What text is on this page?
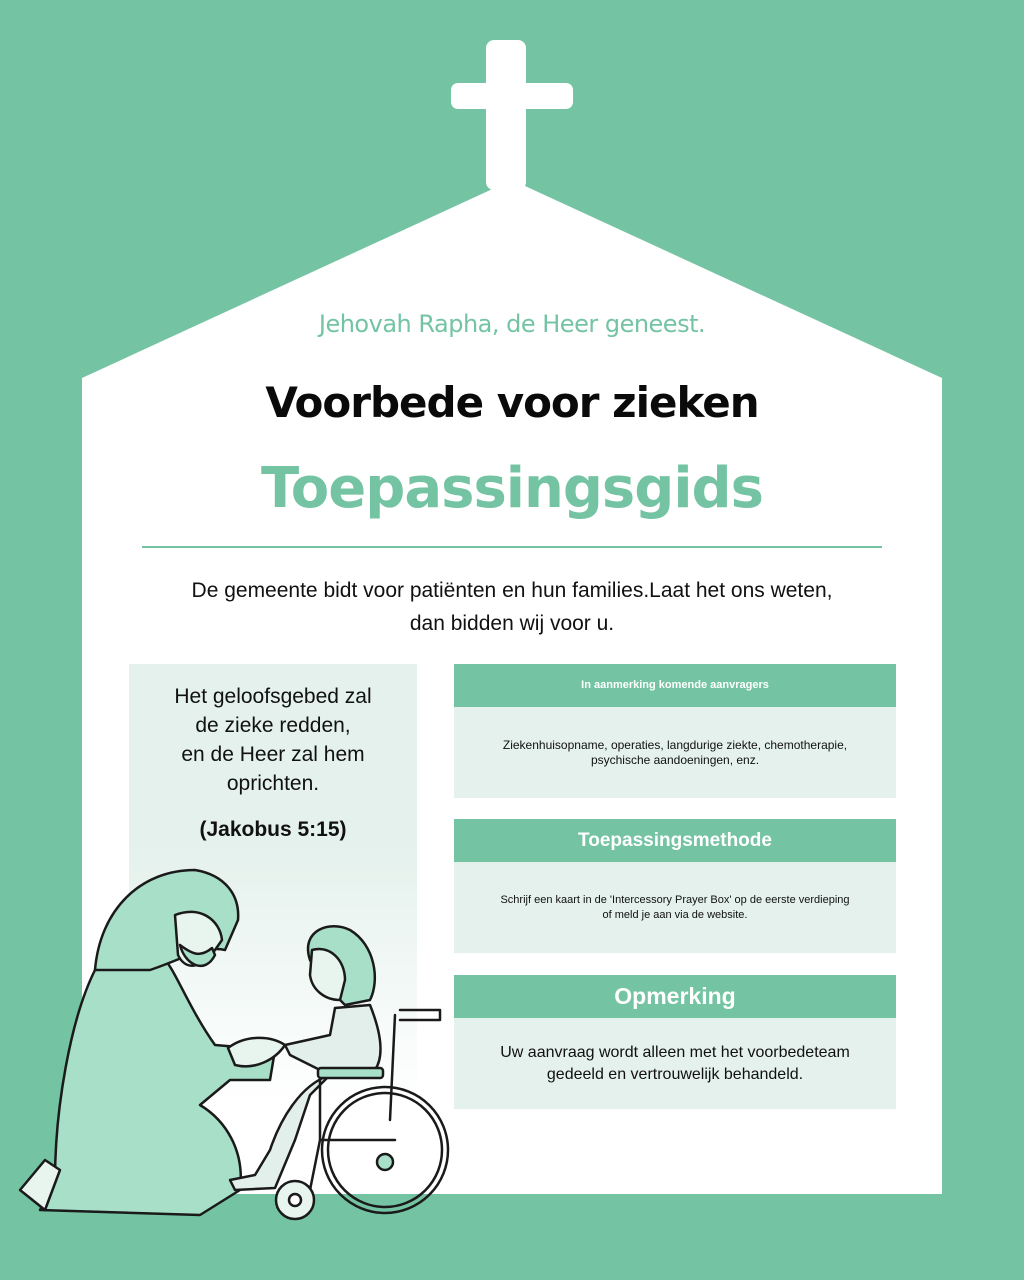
Jehovah Rapha, de Heer geneest.
Voorbede voor zieken
Toepassingsgids
De gemeente bidt voor patiënten en hun families.Laat het ons weten,
dan bidden wij voor u.
Het geloofsgebed zal
de zieke redden,
en de Heer zal hem
oprichten.
(Jakobus 5:15)
In aanmerking komende aanvragers
Ziekenhuisopname, operaties, langdurige ziekte, chemotherapie,
psychische aandoeningen, enz.
Toepassingsmethode
Schrijf een kaart in de 'Intercessory Prayer Box' op de eerste verdieping
of meld je aan via de website.
Opmerking
Uw aanvraag wordt alleen met het voorbedeteam
gedeeld en vertrouwelijk behandeld.
